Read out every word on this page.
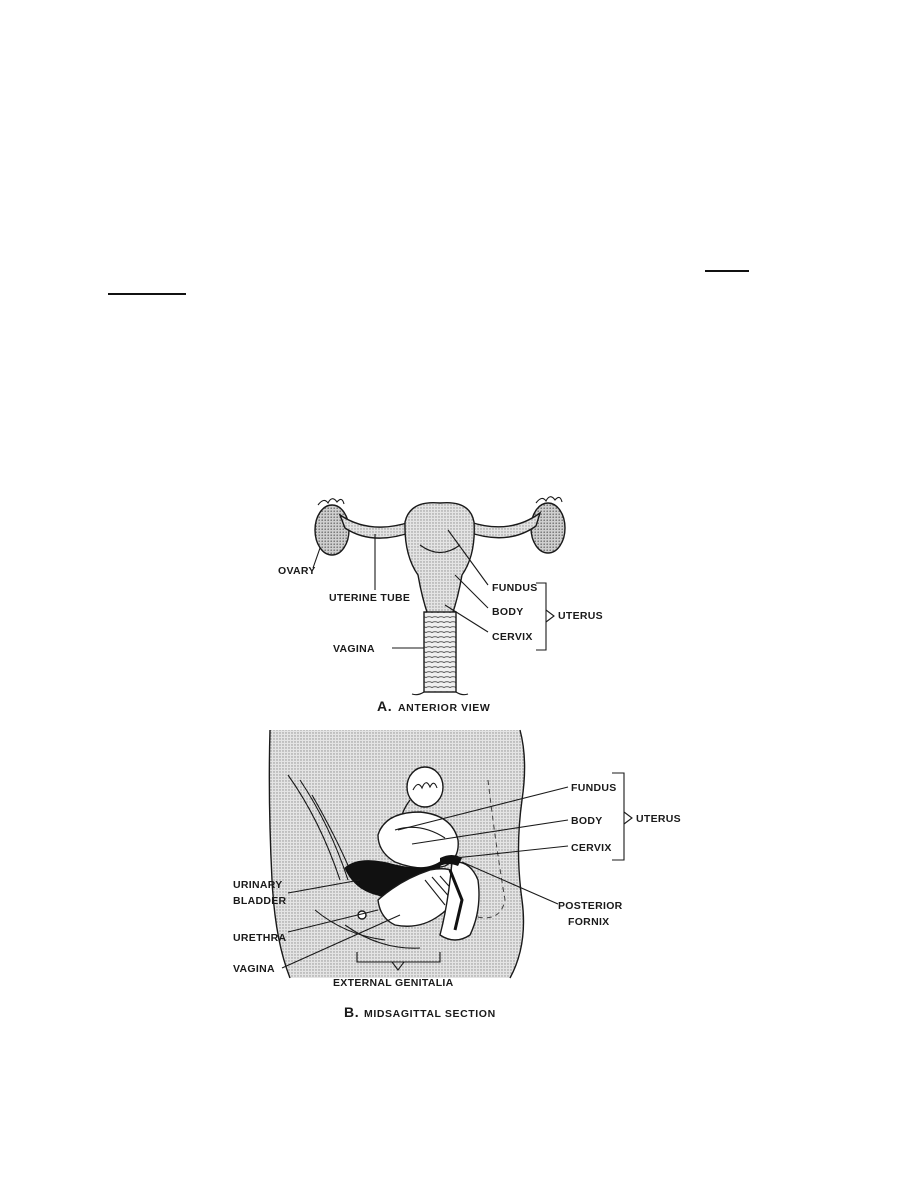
OVARY
UTERINE TUBE
FUNDUS
BODY
CERVIX
UTERUS
VAGINA
A. ANTERIOR VIEW
FUNDUS
BODY
CERVIX
UTERUS
URINARY
BLADDER
URETHRA
VAGINA
POSTERIOR
FORNIX
EXTERNAL GENITALIA
B. MIDSAGITTAL SECTION
